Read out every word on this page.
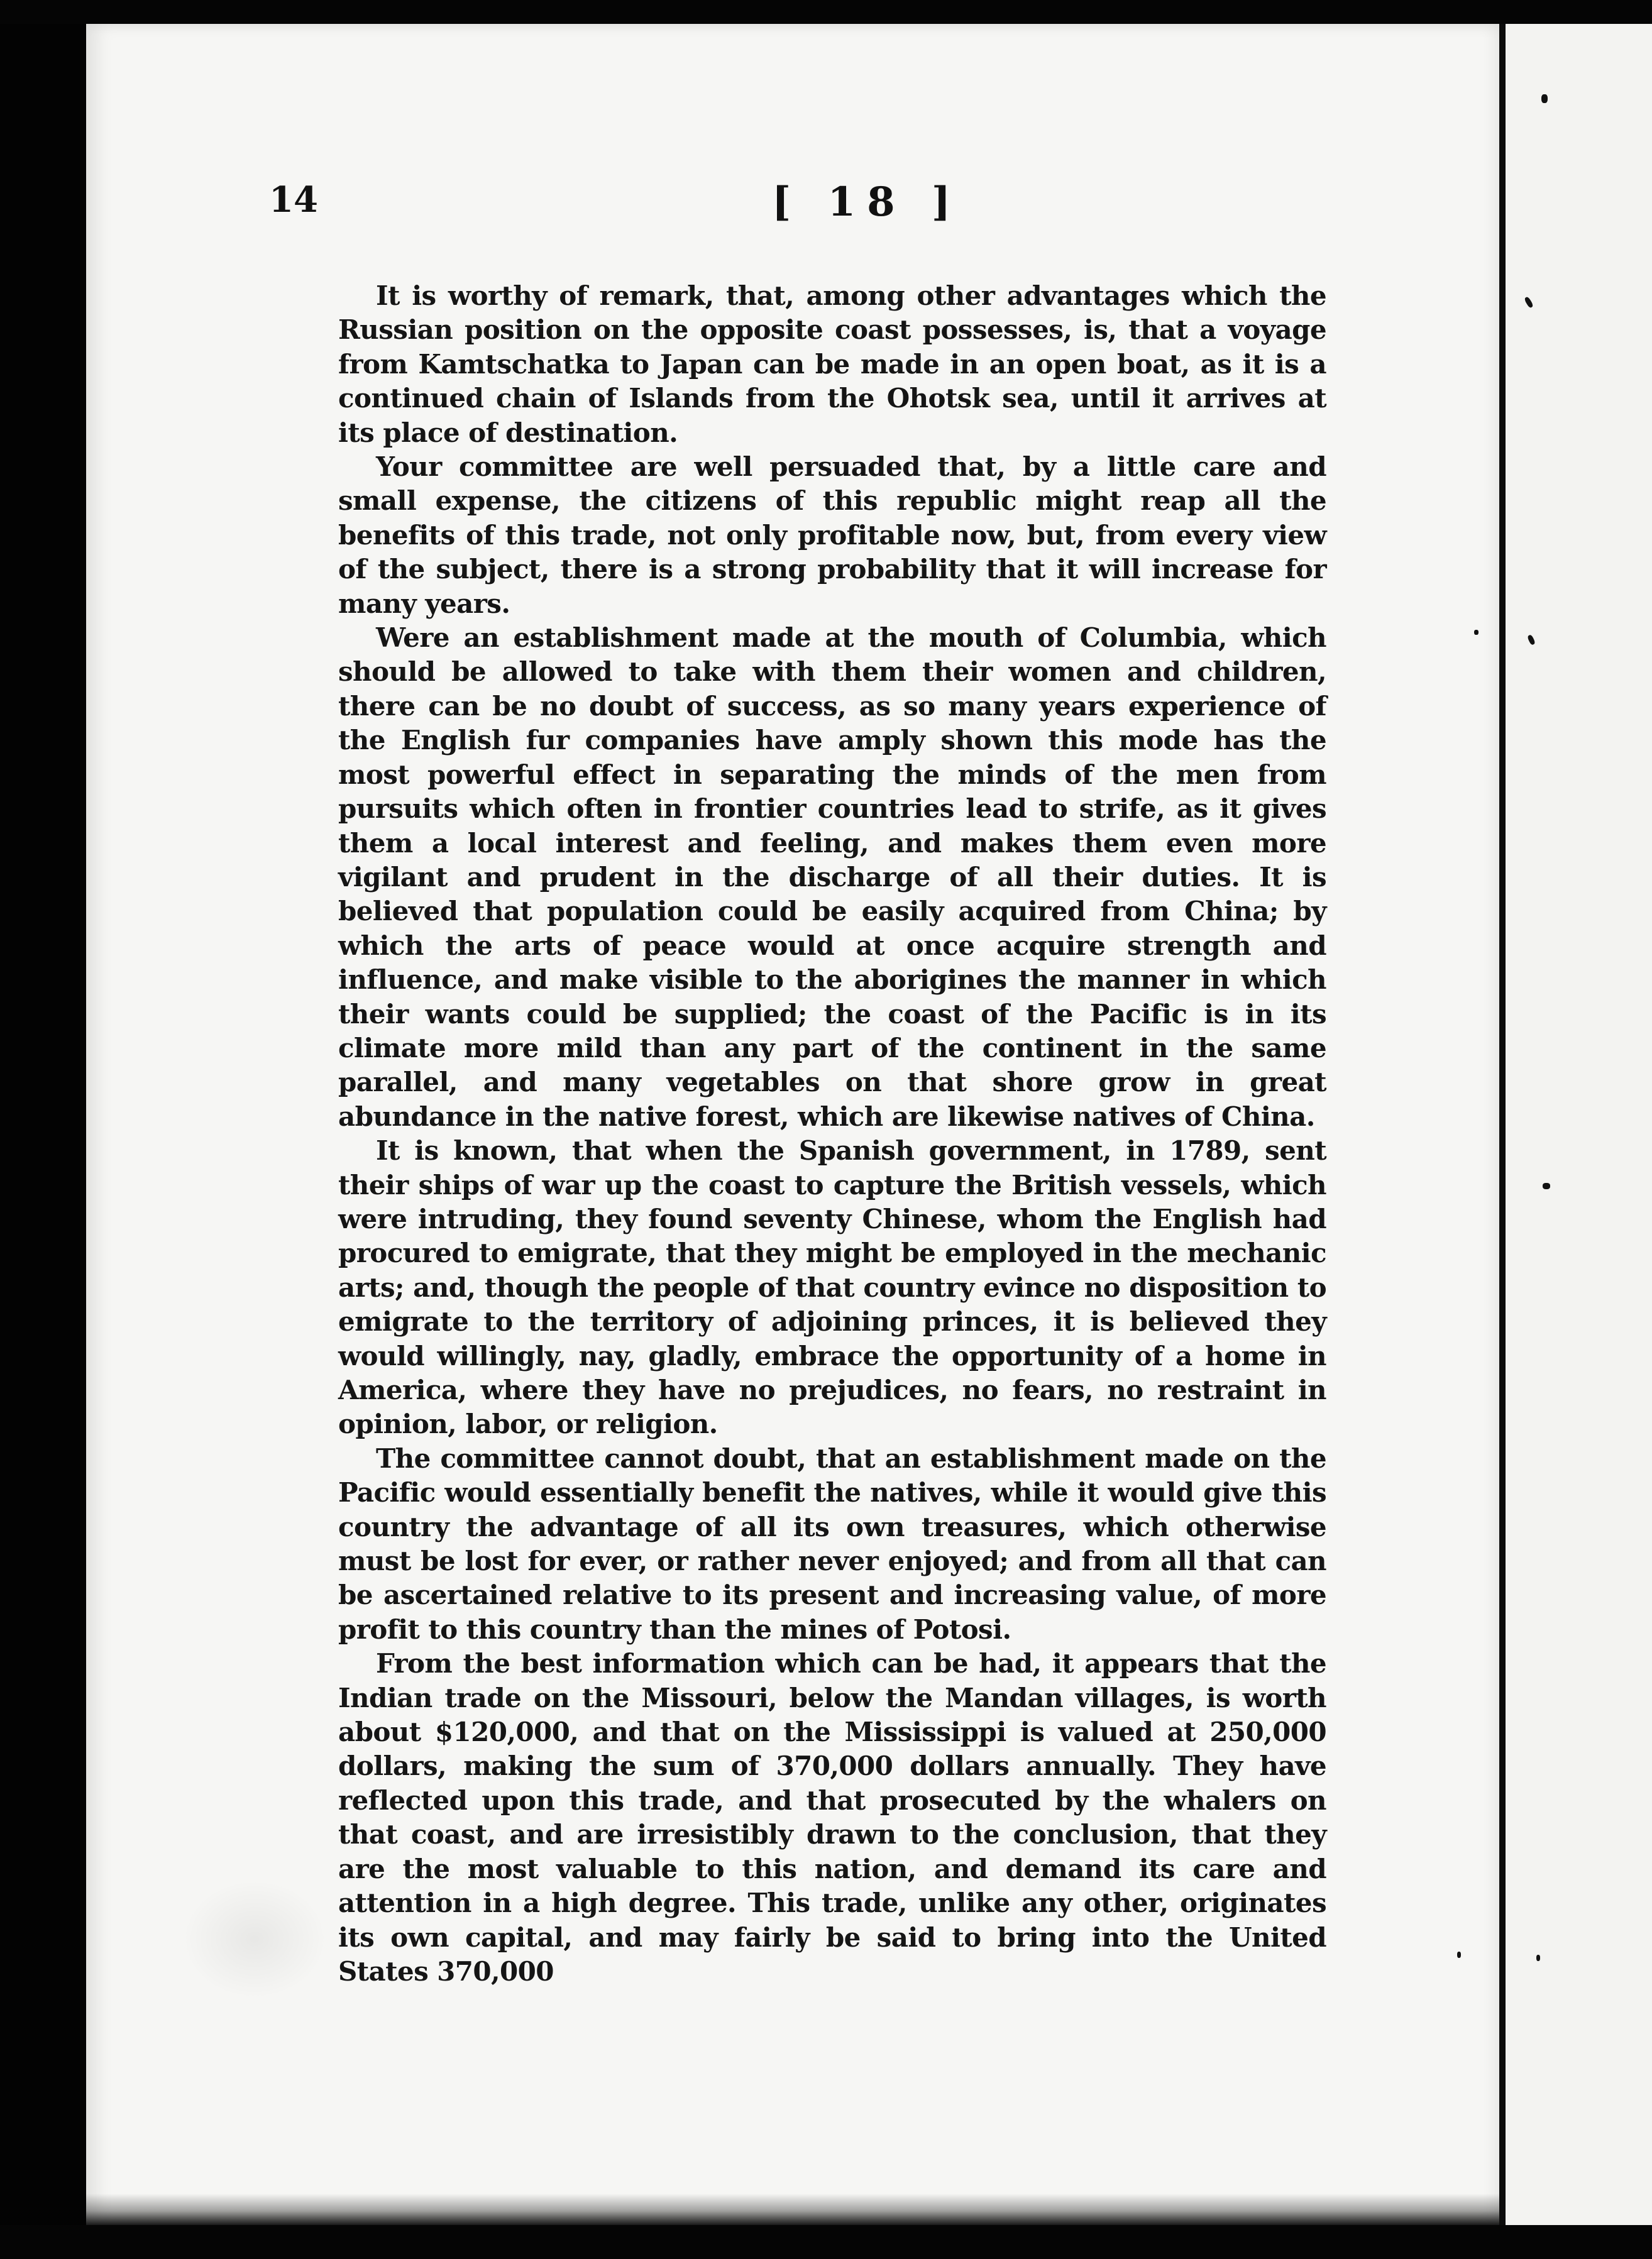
14	[ 18 ]

It is worthy of remark, that, among other advantages which the Russian position on the opposite coast possesses, is, that a voyage from Kamtschatka to Japan can be made in an open boat, as it is a continued chain of Islands from the Ohotsk sea, until it arrives at its place of destination.

Your committee are well persuaded that, by a little care and small expense, the citizens of this republic might reap all the benefits of this trade, not only profitable now, but, from every view of the subject, there is a strong probability that it will increase for many years.

Were an establishment made at the mouth of Columbia, which should be allowed to take with them their women and children, there can be no doubt of success, as so many years experience of the English fur companies have amply shown this mode has the most powerful effect in separating the minds of the men from pursuits which often in frontier countries lead to strife, as it gives them a local interest and feeling, and makes them even more vigilant and prudent in the discharge of all their duties. It is believed that population could be easily acquired from China; by which the arts of peace would at once acquire strength and influence, and make visible to the aborigines the manner in which their wants could be supplied; the coast of the Pacific is in its climate more mild than any part of the continent in the same parallel, and many vegetables on that shore grow in great abundance in the native forest, which are likewise natives of China.

It is known, that when the Spanish government, in 1789, sent their ships of war up the coast to capture the British vessels, which were intruding, they found seventy Chinese, whom the English had procured to emigrate, that they might be employed in the mechanic arts; and, though the people of that country evince no disposition to emigrate to the territory of adjoining princes, it is believed they would willingly, nay, gladly, embrace the opportunity of a home in America, where they have no prejudices, no fears, no restraint in opinion, labor, or religion.

The committee cannot doubt, that an establishment made on the Pacific would essentially benefit the natives, while it would give this country the advantage of all its own treasures, which otherwise must be lost for ever, or rather never enjoyed; and from all that can be ascertained relative to its present and increasing value, of more profit to this country than the mines of Potosi.

From the best information which can be had, it appears that the Indian trade on the Missouri, below the Mandan villages, is worth about $120,000, and that on the Mississippi is valued at 250,000 dollars, making the sum of 370,000 dollars annually. They have reflected upon this trade, and that prosecuted by the whalers on that coast, and are irresistibly drawn to the conclusion, that they are the most valuable to this nation, and demand its care and attention in a high degree. This trade, unlike any other, originates its own capital, and may fairly be said to bring into the United States 370,000
